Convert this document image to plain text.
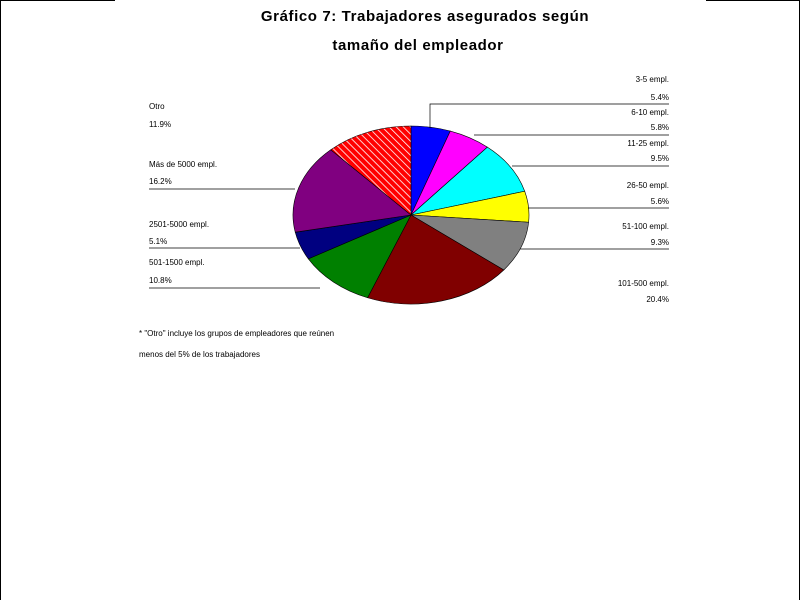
Gráfico 7: Trabajadores asegurados según
tamaño del empleador
3-5 empl.
5.4%
6-10 empl.
5.8%
11-25 empl.
9.5%
26-50 empl.
5.6%
51-100 empl.
9.3%
101-500 empl.
20.4%
501-1500 empl.
10.8%
2501-5000 empl.
5.1%
Más de 5000 empl.
16.2%
Otro
11.9%
* "Otro" incluye los grupos de empleadores que reúnen
menos del 5% de los trabajadores
